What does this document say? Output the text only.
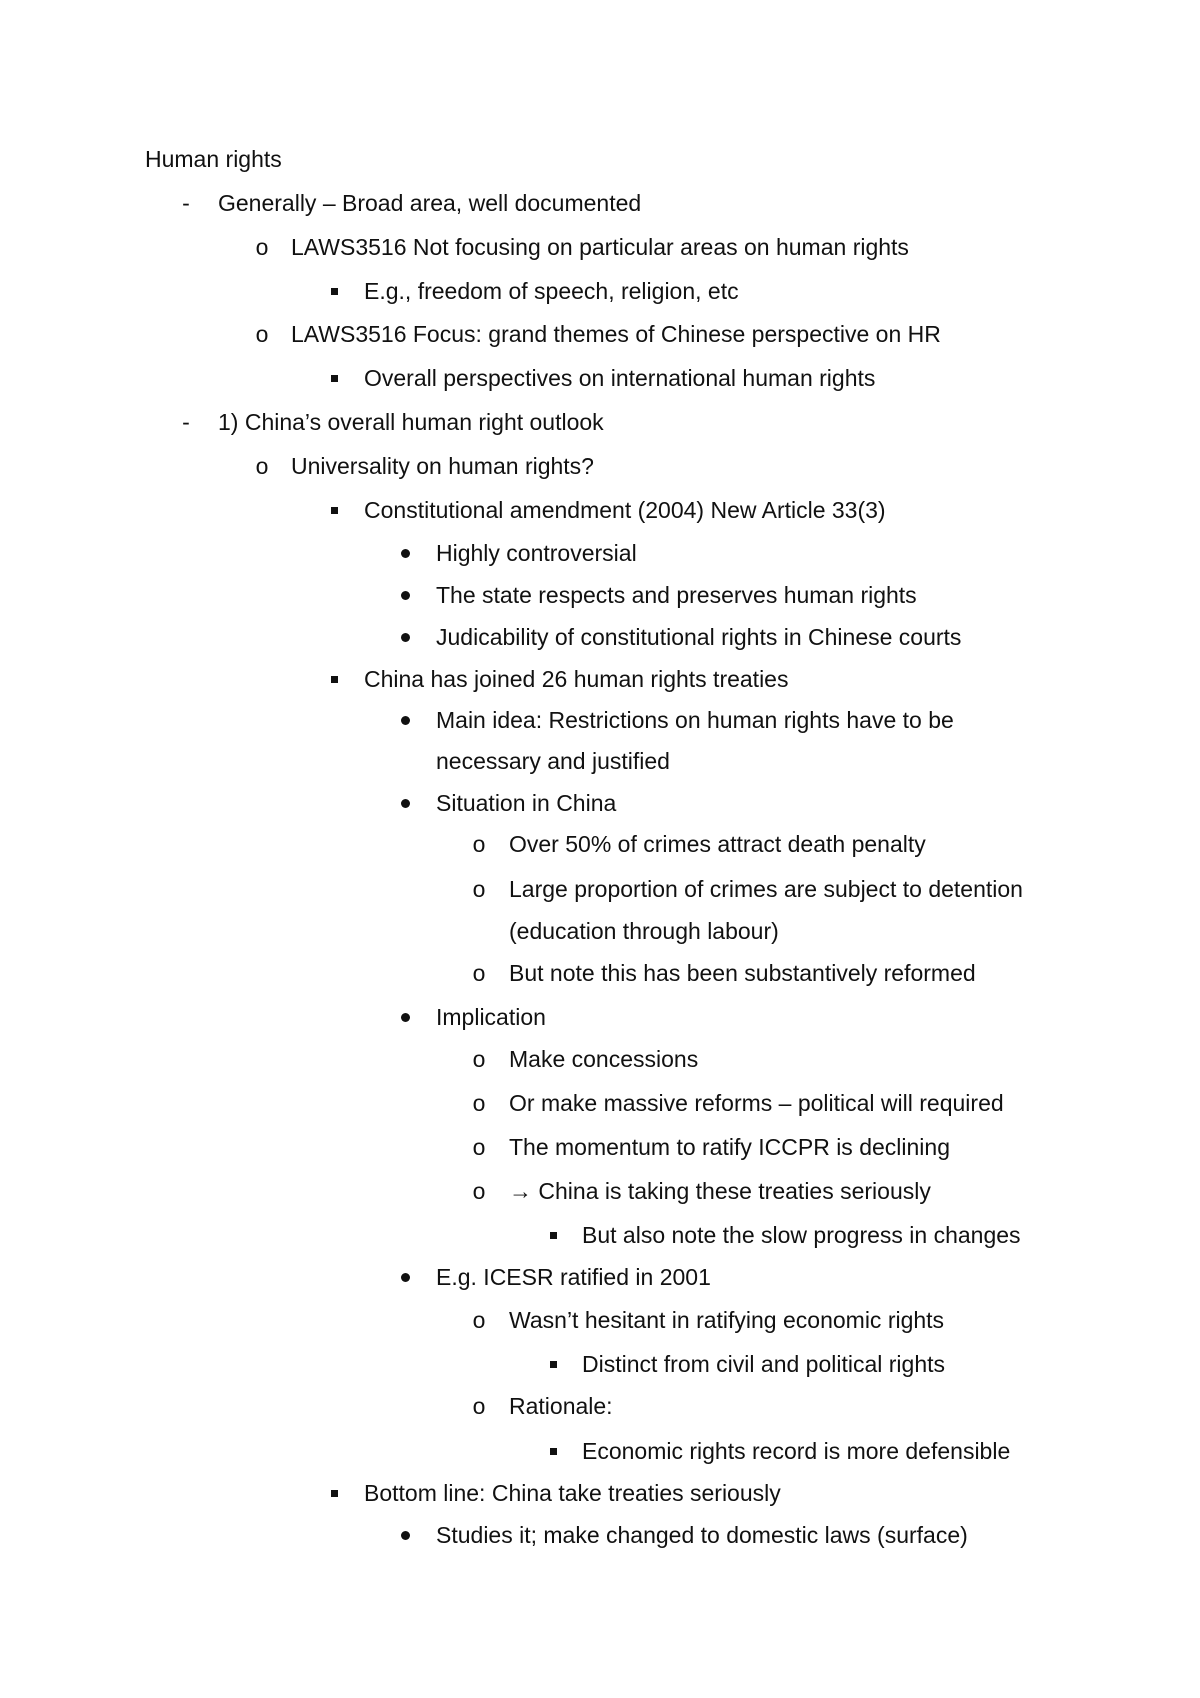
Human rights
-	Generally – Broad area, well documented
o LAWS3516 Not focusing on particular areas on human rights
E.g., freedom of speech, religion, etc
o LAWS3516 Focus: grand themes of Chinese perspective on HR
Overall perspectives on international human rights
-	1) China’s overall human right outlook
o Universality on human rights?
Constitutional amendment (2004) New Article 33(3)
Highly controversial
The state respects and preserves human rights
Judicability of constitutional rights in Chinese courts
China has joined 26 human rights treaties
Main idea: Restrictions on human rights have to be
necessary and justified
Situation in China
o Over 50% of crimes attract death penalty
o Large proportion of crimes are subject to detention
(education through labour)
o But note this has been substantively reformed
Implication
o Make concessions
o Or make massive reforms – political will required
o The momentum to ratify ICCPR is declining
o → China is taking these treaties seriously
But also note the slow progress in changes
E.g. ICESR ratified in 2001
o Wasn’t hesitant in ratifying economic rights
Distinct from civil and political rights
o Rationale:
Economic rights record is more defensible
Bottom line: China take treaties seriously
Studies it; make changed to domestic laws (surface)
